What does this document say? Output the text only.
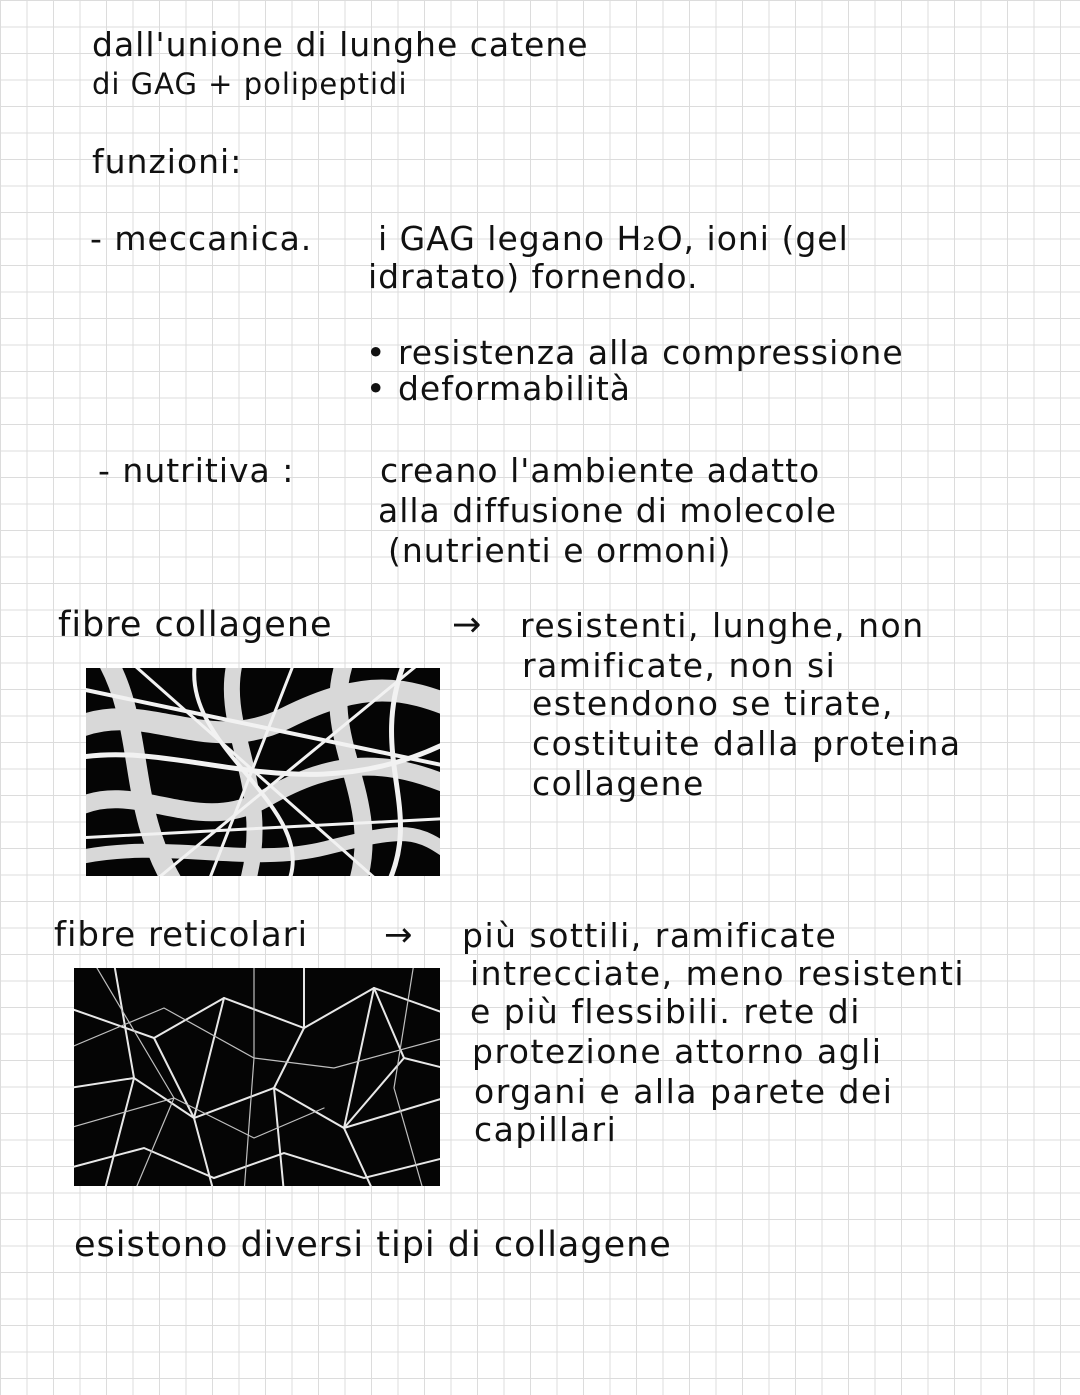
dall'unione di lunghe catene
di GAG + polipeptidi
funzioni:
- meccanica. i GAG legano H₂O, ioni (gel
idratato) fornendo.
• resistenza alla compressione
• deformabilità
- nutritiva :	creano l'ambiente adatto
alla diffusione di molecole
(nutrienti e ormoni)
fibre collagene	→ resistenti, lunghe, non
ramificate, non si
estendono se tirate,
costituite dalla proteina
collagene
fibre reticolari → più sottili, ramificate
intrecciate, meno resistenti
e più flessibili. rete di
protezione attorno agli
organi e alla parete dei
capillari
esistono diversi tipi di collagene
